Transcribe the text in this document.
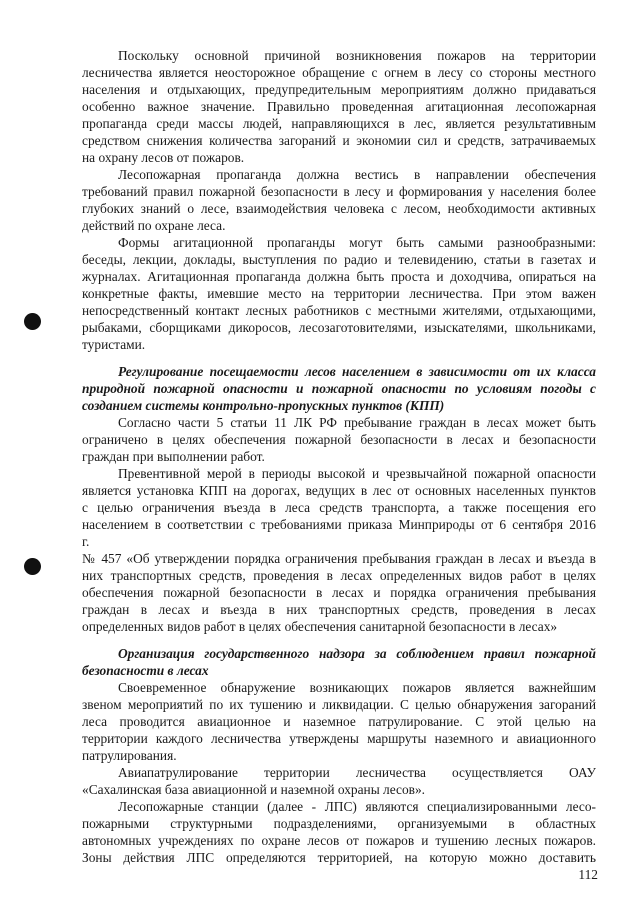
Поскольку основной причиной возникновения пожаров на территории
лесничества является неосторожное обращение с огнем в лесу со стороны местного
населения и отдыхающих, предупредительным мероприятиям должно придаваться
особенно важное значение. Правильно проведенная агитационная лесопожарная
пропаганда среди массы людей, направляющихся в лес, является результативным
средством снижения количества загораний и экономии сил и средств, затрачиваемых
на охрану лесов от пожаров.
Лесопожарная пропаганда должна вестись в направлении обеспечения
требований правил пожарной безопасности в лесу и формирования у населения более
глубоких знаний о лесе, взаимодействия человека с лесом, необходимости активных
действий по охране леса.
Формы агитационной пропаганды могут быть самыми разнообразными:
беседы, лекции, доклады, выступления по радио и телевидению, статьи в газетах и
журналах. Агитационная пропаганда должна быть проста и доходчива, опираться на
конкретные факты, имевшие место на территории лесничества. При этом важен
непосредственный контакт лесных работников с местными жителями, отдыхающими,
рыбаками, сборщиками дикоросов, лесозаготовителями, изыскателями, школьниками,
туристами.
Регулирование посещаемости лесов населением в зависимости от их класса
природной пожарной опасности и пожарной опасности по условиям погоды с
созданием системы контрольно-пропускных пунктов (КПП)
Согласно части 5 статьи 11 ЛК РФ пребывание граждан в лесах может быть
ограничено в целях обеспечения пожарной безопасности в лесах и безопасности
граждан при выполнении работ.
Превентивной мерой в периоды высокой и чрезвычайной пожарной опасности
является установка КПП на дорогах, ведущих в лес от основных населенных пунктов
с целью ограничения въезда в леса средств транспорта, а также посещения его
населением в соответствии с требованиями приказа Минприроды от 6 сентября 2016
г.
№ 457 «Об утверждении порядка ограничения пребывания граждан в лесах и въезда в
них транспортных средств, проведения в лесах определенных видов работ в целях
обеспечения пожарной безопасности в лесах и порядка ограничения пребывания
граждан в лесах и въезда в них транспортных средств, проведения в лесах
определенных видов работ в целях обеспечения санитарной безопасности в лесах»
Организация государственного надзора за соблюдением правил пожарной
безопасности в лесах
Своевременное обнаружение возникающих пожаров является важнейшим
звеном мероприятий по их тушению и ликвидации. С целью обнаружения загораний
леса проводится авиационное и наземное патрулирование. С этой целью на
территории каждого лесничества утверждены маршруты наземного и авиационного
патрулирования.
Авиапатрулирование территории лесничества осуществляется ОАУ
«Сахалинская база авиационной и наземной охраны лесов».
Лесопожарные станции (далее - ЛПС) являются специализированными лесо-
пожарными структурными подразделениями, организуемыми в областных
автономных учреждениях по охране лесов от пожаров и тушению лесных пожаров.
Зоны действия ЛПС определяются территорией, на которую можно доставить
112
